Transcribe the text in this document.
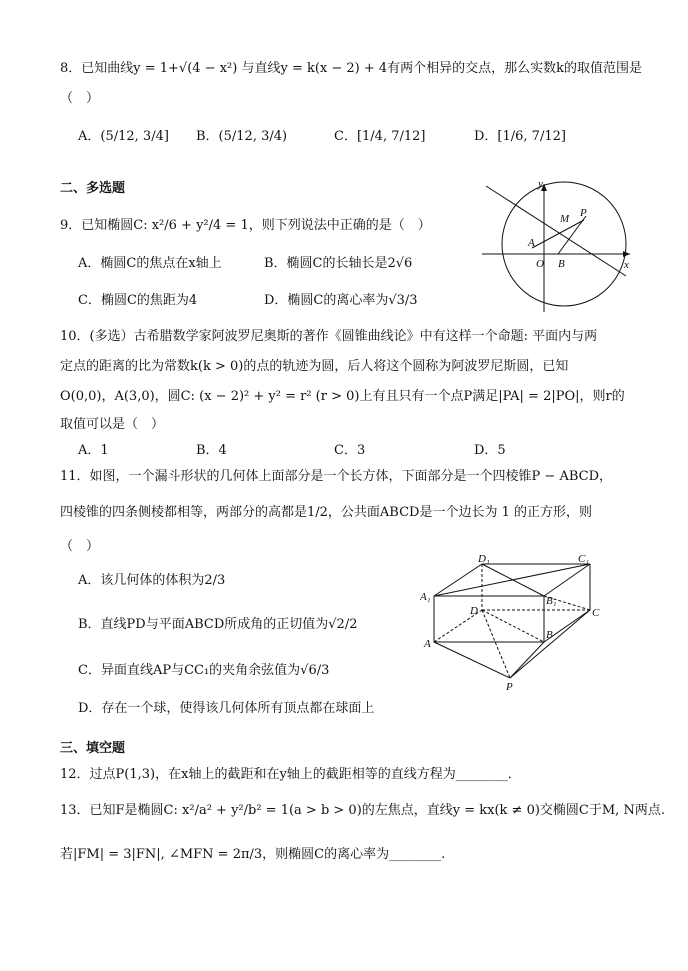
8．已知曲线y = 1+√(4 − x²) 与直线y = k(x − 2) + 4有两个相异的交点，那么实数k的取值范围是
（　）
A．(5/12, 3/4] B．(5/12, 3/4)	C．[1/4, 7/12]	D．[1/6, 7/12]
二、多选题
9．已知椭圆C: x²/6 + y²/4 = 1，则下列说法中正确的是（　）
A．椭圆C的焦点在x轴上	B．椭圆C的长轴长是2√6
C．椭圆C的焦距为4	D．椭圆C的离心率为√3/3
y
x
O
A
B
M P
10．(多选）古希腊数学家阿波罗尼奥斯的著作《圆锥曲线论》中有这样一个命题: 平面内与两
定点的距离的比为常数k(k > 0)的点的轨迹为圆，后人将这个圆称为阿波罗尼斯圆，已知
O(0,0)，A(3,0)，圆C: (x − 2)² + y² = r² (r > 0)上有且只有一个点P满足|PA| = 2|PO|，则r的
取值可以是（　）
A．1	B．4	C．3	D．5
11．如图，一个漏斗形状的几何体上面部分是一个长方体，下面部分是一个四棱锥P − ABCD，
四棱锥的四条侧棱都相等，两部分的高都是1/2，公共面ABCD是一个边长为 1 的正方形，则
（　）
A．该几何体的体积为2/3
B．直线PD与平面ABCD所成角的正切值为√2/2
C．异面直线AP与CC₁的夹角余弦值为√6/3
D．存在一个球，使得该几何体所有顶点都在球面上
D₁	C₁
A₁	B₁
D	C
A
B
P
三、填空题
12．过点P(1,3)，在x轴上的截距和在y轴上的截距相等的直线方程为________．
13．已知F是椭圆C: x²/a² + y²/b² = 1(a > b > 0)的左焦点，直线y = kx(k ≠ 0)交椭圆C于M, N两点.
若|FM| = 3|FN|, ∠MFN = 2π/3，则椭圆C的离心率为________.
